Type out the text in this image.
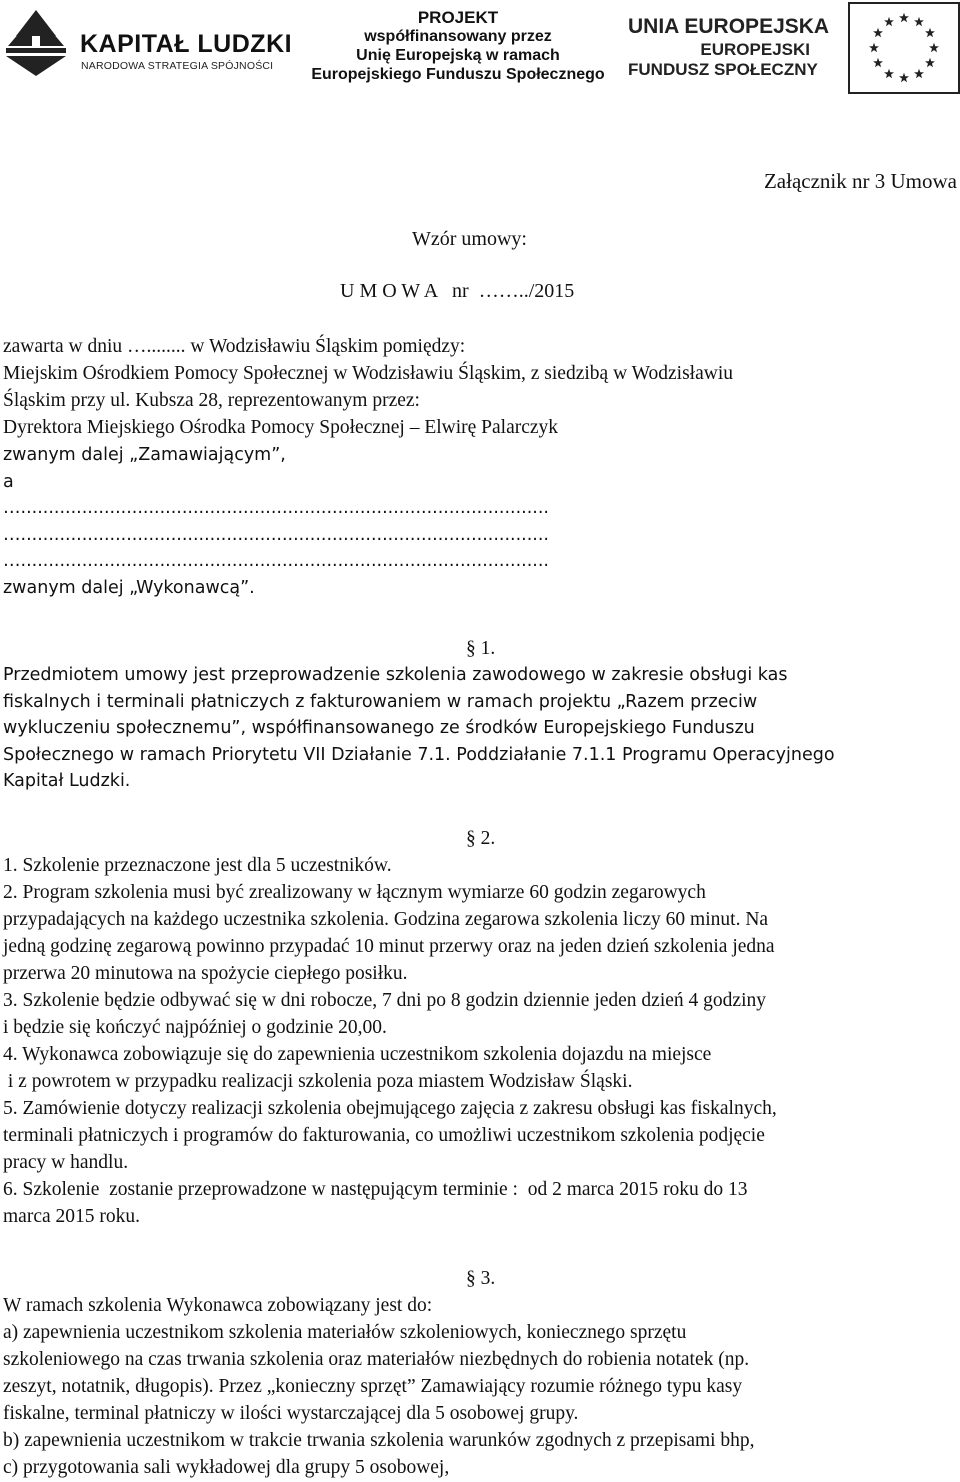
KAPITAŁ LUDZKI
NARODOWA STRATEGIA SPÓJNOŚCI
PROJEKT
współfinansowany przez
Unię Europejską w ramach
Europejskiego Funduszu Społecznego
UNIA EUROPEJSKA
EUROPEJSKI
FUNDUSZ SPOŁECZNY
Załącznik nr 3 Umowa
Wzór umowy:
U M O W A   nr  ……../2015

zawarta w dniu …........ w Wodzisławiu Śląskim pomiędzy:

Miejskim Ośrodkiem Pomocy Społecznej w Wodzisławiu Śląskim, z siedzibą w Wodzisławiu

Śląskim przy ul. Kubsza 28, reprezentowanym przez:

Dyrektora Miejskiego Ośrodka Pomocy Społecznej – Elwirę Palarczyk

zwanym dalej „Zamawiającym”,

a

…...............................................................................................

…...............................................................................................

…...............................................................................................

zwanym dalej „Wykonawcą”.

§ 1.

Przedmiotem umowy jest przeprowadzenie szkolenia zawodowego w zakresie obsługi kas

fiskalnych i terminali płatniczych z fakturowaniem w ramach projektu „Razem przeciw

wykluczeniu społecznemu”, współfinansowanego ze środków Europejskiego Funduszu

Społecznego w ramach Priorytetu VII Działanie 7.1. Poddziałanie 7.1.1 Programu Operacyjnego

Kapitał Ludzki.

§ 2.

1. Szkolenie przeznaczone jest dla 5 uczestników.

2. Program szkolenia musi być zrealizowany w łącznym wymiarze 60 godzin zegarowych

przypadających na każdego uczestnika szkolenia. Godzina zegarowa szkolenia liczy 60 minut. Na

jedną godzinę zegarową powinno przypadać 10 minut przerwy oraz na jeden dzień szkolenia jedna

przerwa 20 minutowa na spożycie ciepłego posiłku.

3. Szkolenie będzie odbywać się w dni robocze, 7 dni po 8 godzin dziennie jeden dzień 4 godziny

i będzie się kończyć najpóźniej o godzinie 20,00.

4. Wykonawca zobowiązuje się do zapewnienia uczestnikom szkolenia dojazdu na miejsce

i z powrotem w przypadku realizacji szkolenia poza miastem Wodzisław Śląski.

5. Zamówienie dotyczy realizacji szkolenia obejmującego zajęcia z zakresu obsługi kas fiskalnych,

terminali płatniczych i programów do fakturowania, co umożliwi uczestnikom szkolenia podjęcie

pracy w handlu.

6. Szkolenie  zostanie przeprowadzone w następującym terminie :  od 2 marca 2015 roku do 13

marca 2015 roku.

§ 3.

W ramach szkolenia Wykonawca zobowiązany jest do:

a) zapewnienia uczestnikom szkolenia materiałów szkoleniowych, koniecznego sprzętu

szkoleniowego na czas trwania szkolenia oraz materiałów niezbędnych do robienia notatek (np.

zeszyt, notatnik, długopis). Przez „konieczny sprzęt” Zamawiający rozumie różnego typu kasy

fiskalne, terminal płatniczy w ilości wystarczającej dla 5 osobowej grupy.

b) zapewnienia uczestnikom w trakcie trwania szkolenia warunków zgodnych z przepisami bhp,

c) przygotowania sali wykładowej dla grupy 5 osobowej,
